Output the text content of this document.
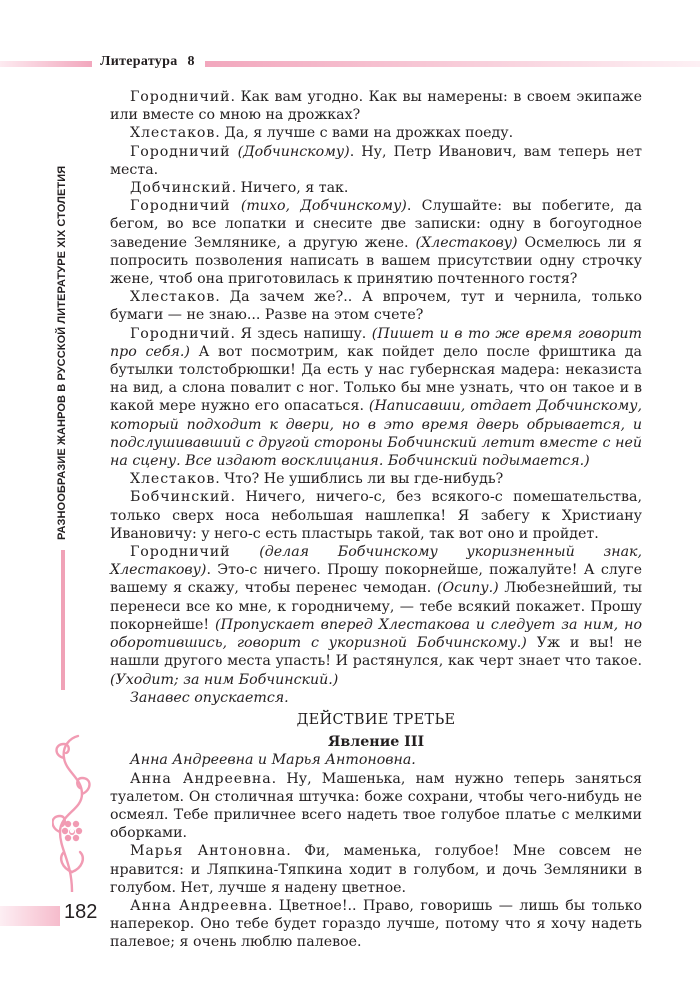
Литература 8
РАЗНООБРАЗИЕ ЖАНРОВ В РУССКОЙ ЛИТЕРАТУРЕ XIX СТОЛЕТИЯ
182

Городничий. Как вам угодно. Как вы намерены: в своем экипаже или вместе со мною на дрожках?

Хлестаков. Да, я лучше с вами на дрожках поеду.

Городничий (Добчинскому). Ну, Петр Иванович, вам теперь нет места.

Добчинский. Ничего, я так.

Городничий (тихо, Добчинскому). Слушайте: вы побегите, да бегом, во все лопатки и снесите две записки: одну в богоугодное заведение Землянике, а другую жене. (Хлестакову) Осмелюсь ли я попросить позволения написать в вашем присутствии одну строчку жене, чтоб она приготовилась к принятию почтенного гостя?

Хлестаков. Да зачем же?.. А впрочем, тут и чернила, только бумаги — не знаю... Разве на этом счете?

Городничий. Я здесь напишу. (Пишет и в то же время говорит про себя.) А вот посмотрим, как пойдет дело после фриштика да бутылки толстобрюшки! Да есть у нас губернская мадера: неказиста на вид, а слона повалит с ног. Только бы мне узнать, что он такое и в какой мере нужно его опасаться. (Написавши, отдает Добчинскому, который подходит к двери, но в это время дверь обрывается, и подслушивавший с другой стороны Бобчинский летит вместе с ней на сцену. Все издают восклицания. Бобчинский подымается.)

Хлестаков. Что? Не ушиблись ли вы где-нибудь?

Бобчинский. Ничего, ничего-с, без всякого-с помешательства, только сверх носа небольшая нашлепка! Я забегу к Христиану Ивановичу: у него-с есть пластырь такой, так вот оно и пройдет.

Городничий (делая Бобчинскому укоризненный знак, Хлестакову). Это-с ничего. Прошу покорнейше, пожалуйте! А слуге вашему я скажу, чтобы перенес чемодан. (Осипу.) Любезнейший, ты перенеси все ко мне, к городничему, — тебе всякий покажет. Прошу покорнейше! (Пропускает вперед Хлестакова и следует за ним, но оборотившись, говорит с укоризной Бобчинскому.) Уж и вы! не нашли другого места упасть! И растянулся, как черт знает что такое. (Уходит; за ним Бобчинский.)

Занавес опускается.

ДЕЙСТВИЕ ТРЕТЬЕ

Явление III

Анна Андреевна и Марья Антоновна.

Анна Андреевна. Ну, Машенька, нам нужно теперь заняться туалетом. Он столичная штучка: боже сохрани, чтобы чего-нибудь не осмеял. Тебе приличнее всего надеть твое голубое платье с мелкими оборками.

Марья Антоновна. Фи, маменька, голубое! Мне совсем не нравится: и Ляпкина-Тяпкина ходит в голубом, и дочь Земляники в голубом. Нет, лучше я надену цветное.

Анна Андреевна. Цветное!.. Право, говоришь — лишь бы только наперекор. Оно тебе будет гораздо лучше, потому что я хочу надеть палевое; я очень люблю палевое.
